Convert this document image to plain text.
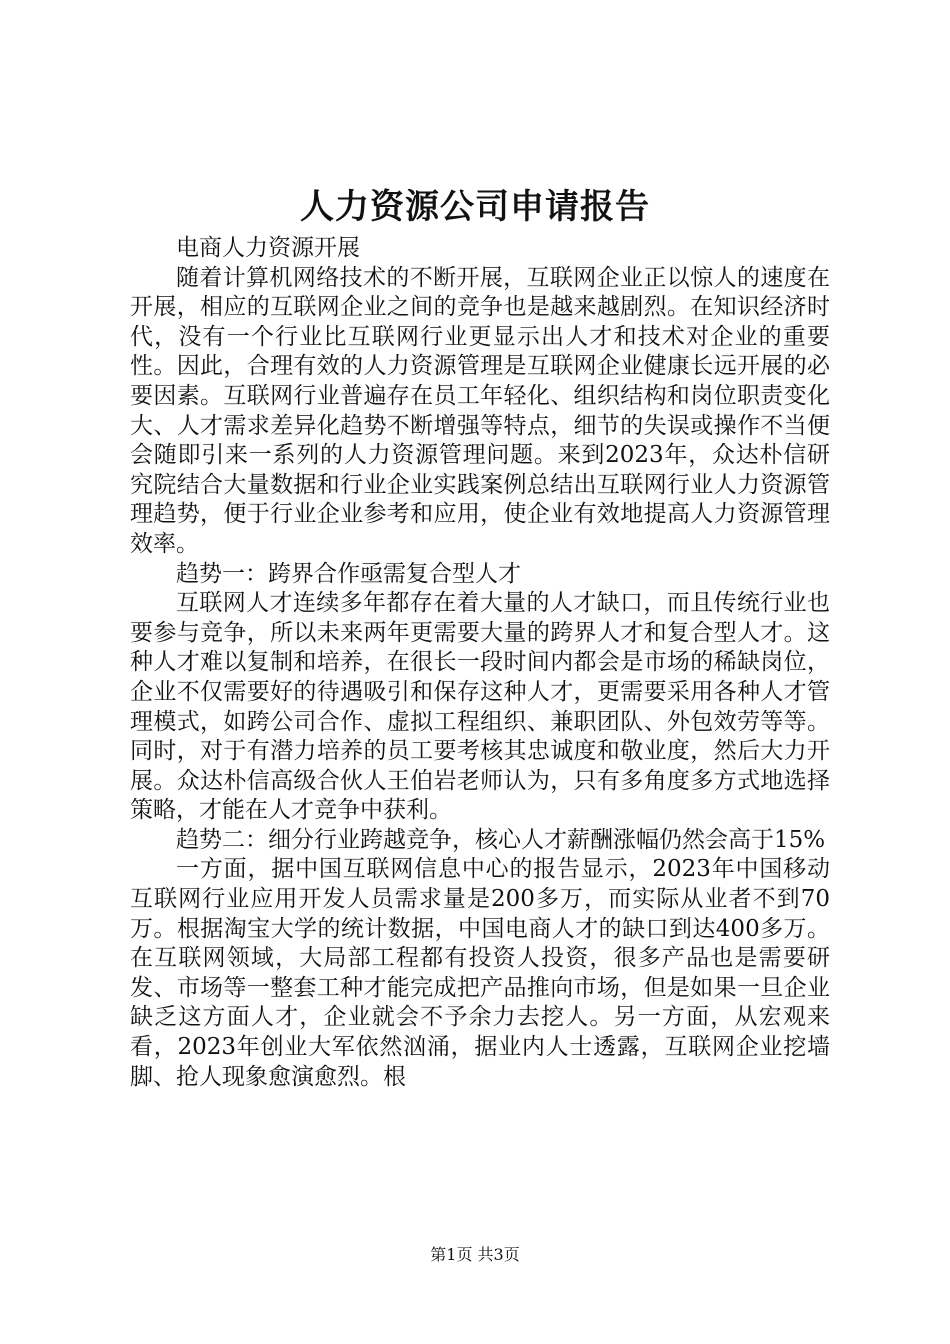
人力资源公司申请报告

电商人力资源开展

随着计算机网络技术的不断开展，互联网企业正以惊人的速度在开展，相应的互联网企业之间的竞争也是越来越剧烈。在知识经济时代，没有一个行业比互联网行业更显示出人才和技术对企业的重要性。因此，合理有效的人力资源管理是互联网企业健康长远开展的必要因素。互联网行业普遍存在员工年轻化、组织结构和岗位职责变化大、人才需求差异化趋势不断增强等特点，细节的失误或操作不当便会随即引来一系列的人力资源管理问题。来到2023年，众达朴信研究院结合大量数据和行业企业实践案例总结出互联网行业人力资源管理趋势，便于行业企业参考和应用，使企业有效地提高人力资源管理效率。

趋势一：跨界合作亟需复合型人才

互联网人才连续多年都存在着大量的人才缺口，而且传统行业也要参与竞争，所以未来两年更需要大量的跨界人才和复合型人才。这种人才难以复制和培养，在很长一段时间内都会是市场的稀缺岗位，企业不仅需要好的待遇吸引和保存这种人才，更需要采用各种人才管理模式，如跨公司合作、虚拟工程组织、兼职团队、外包效劳等等。同时，对于有潜力培养的员工要考核其忠诚度和敬业度，然后大力开展。众达朴信高级合伙人王伯岩老师认为，只有多角度多方式地选择策略，才能在人才竞争中获利。

趋势二：细分行业跨越竞争，核心人才薪酬涨幅仍然会高于15%

一方面，据中国互联网信息中心的报告显示，2023年中国移动互联网行业应用开发人员需求量是200多万，而实际从业者不到70万。根据淘宝大学的统计数据，中国电商人才的缺口到达400多万。在互联网领域，大局部工程都有投资人投资，很多产品也是需要研发、市场等一整套工种才能完成把产品推向市场，但是如果一旦企业缺乏这方面人才，企业就会不予余力去挖人。另一方面，从宏观来看，2023年创业大军依然汹涌，据业内人士透露，互联网企业挖墙脚、抢人现象愈演愈烈。根

第1页 共3页
